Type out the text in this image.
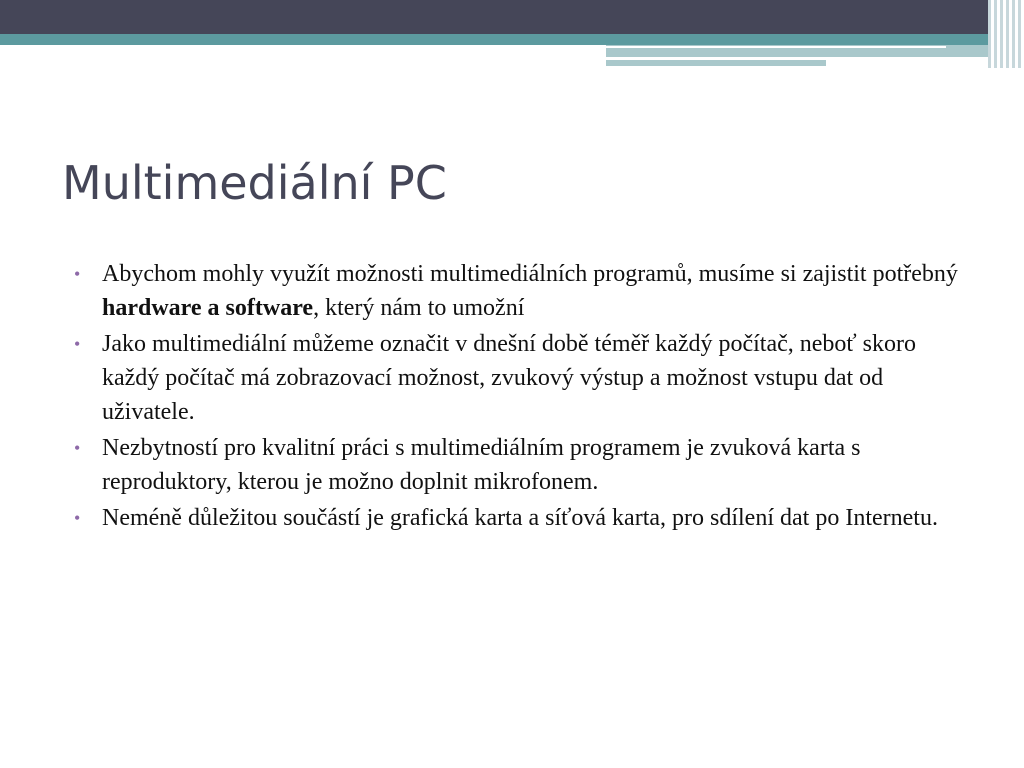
Multimediální PC
• Abychom mohly využít možnosti multimediálních programů, musíme si zajistit potřebný hardware a software, který nám to umožní
• Jako multimediální můžeme označit v dnešní době téměř každý počítač, neboť skoro každý počítač má zobrazovací možnost, zvukový výstup a možnost vstupu dat od uživatele.
• Nezbytností pro kvalitní práci s multimediálním programem je zvuková karta s reproduktory, kterou je možno doplnit mikrofonem.
• Neméně důležitou součástí je grafická karta a síťová karta, pro sdílení dat po Internetu.
